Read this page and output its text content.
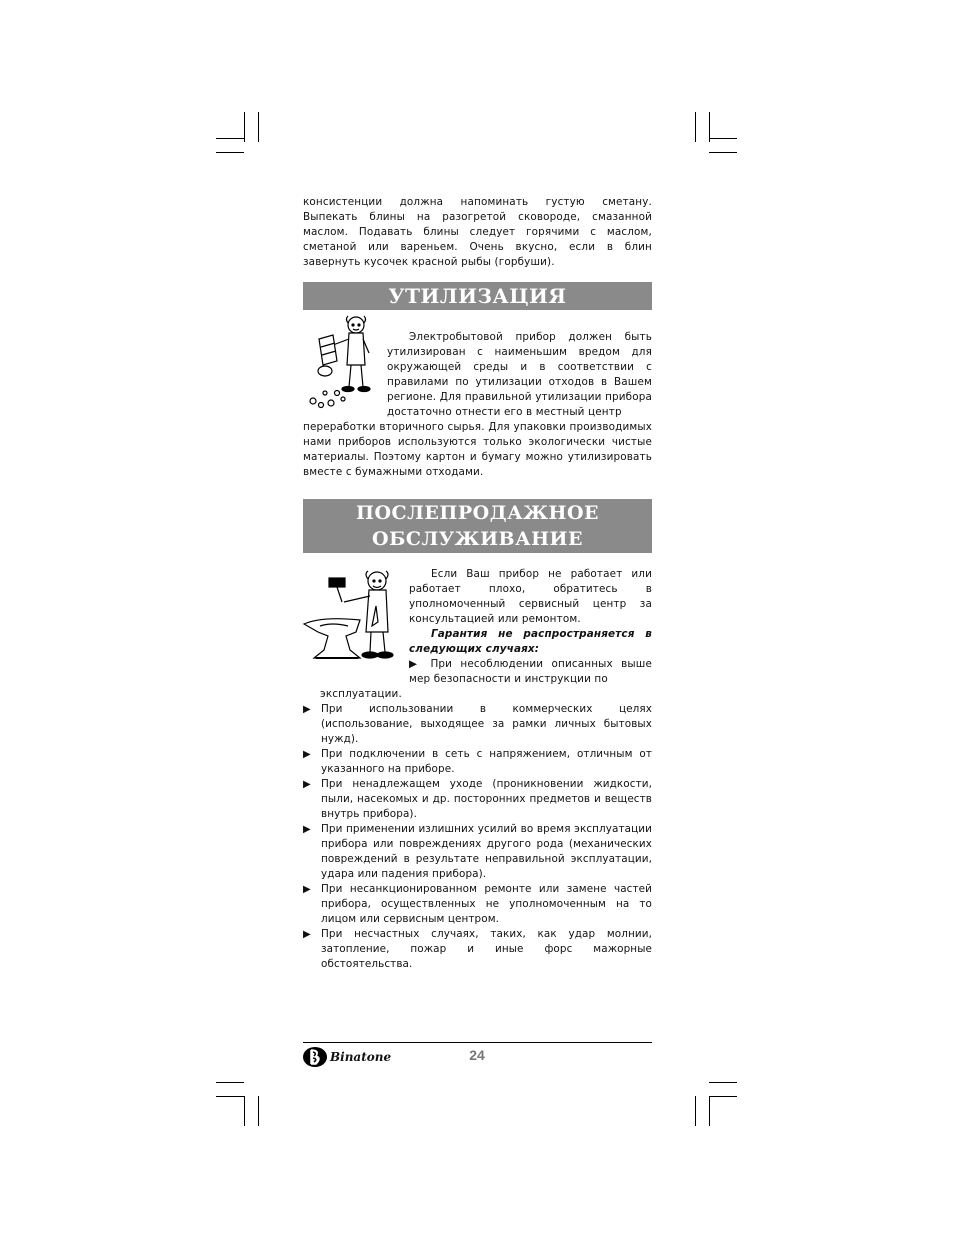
консистенции должна напоминать густую сметану. Выпекать блины на разогретой сковороде, смазанной маслом. Подавать блины следует горячими с маслом, сметаной или вареньем. Очень вкусно, если в блин завернуть кусочек красной рыбы (горбуши).

УТИЛИЗАЦИЯ
Электробытовой прибор должен быть утилизирован с наименьшим вредом для окружающей среды и в соответствии с правилами по утилизации отходов в Вашем регионе. Для правильной утилизации прибора достаточно отнести его в местный центр

переработки вторичного сырья. Для упаковки производимых нами приборов используются только экологически чистые материалы. Поэтому картон и бумагу можно утилизировать вместе с бумажными отходами.

ПОСЛЕПРОДАЖНОЕ
ОБСЛУЖИВАНИЕ
Если Ваш прибор не работает или работает плохо, обратитесь в уполномоченный сервисный центр за консультацией или ремонтом.
Гарантия не распространяется в следующих случаях:
▶ При несоблюдении описанных выше мер безопасности и инструкции по
эксплуатации.
▶ При использовании в коммерческих целях (использование, выходящее за рамки личных бытовых нужд).
▶ При подключении в сеть с напряжением, отличным от указанного на приборе.
▶ При ненадлежащем уходе (проникновении жидкости, пыли, насекомых и др. посторонних предметов и веществ внутрь прибора).
▶ При применении излишних усилий во время эксплуатации прибора или повреждениях другого рода (механических повреждений в результате неправильной эксплуатации, удара или падения прибора).
▶ При несанкционированном ремонте или замене частей прибора, осуществленных не уполномоченным на то лицом или сервисным центром.
▶ При несчастных случаях, таких, как удар молнии, затопление, пожар и иные форс мажорные обстоятельства.
Binatone	24
